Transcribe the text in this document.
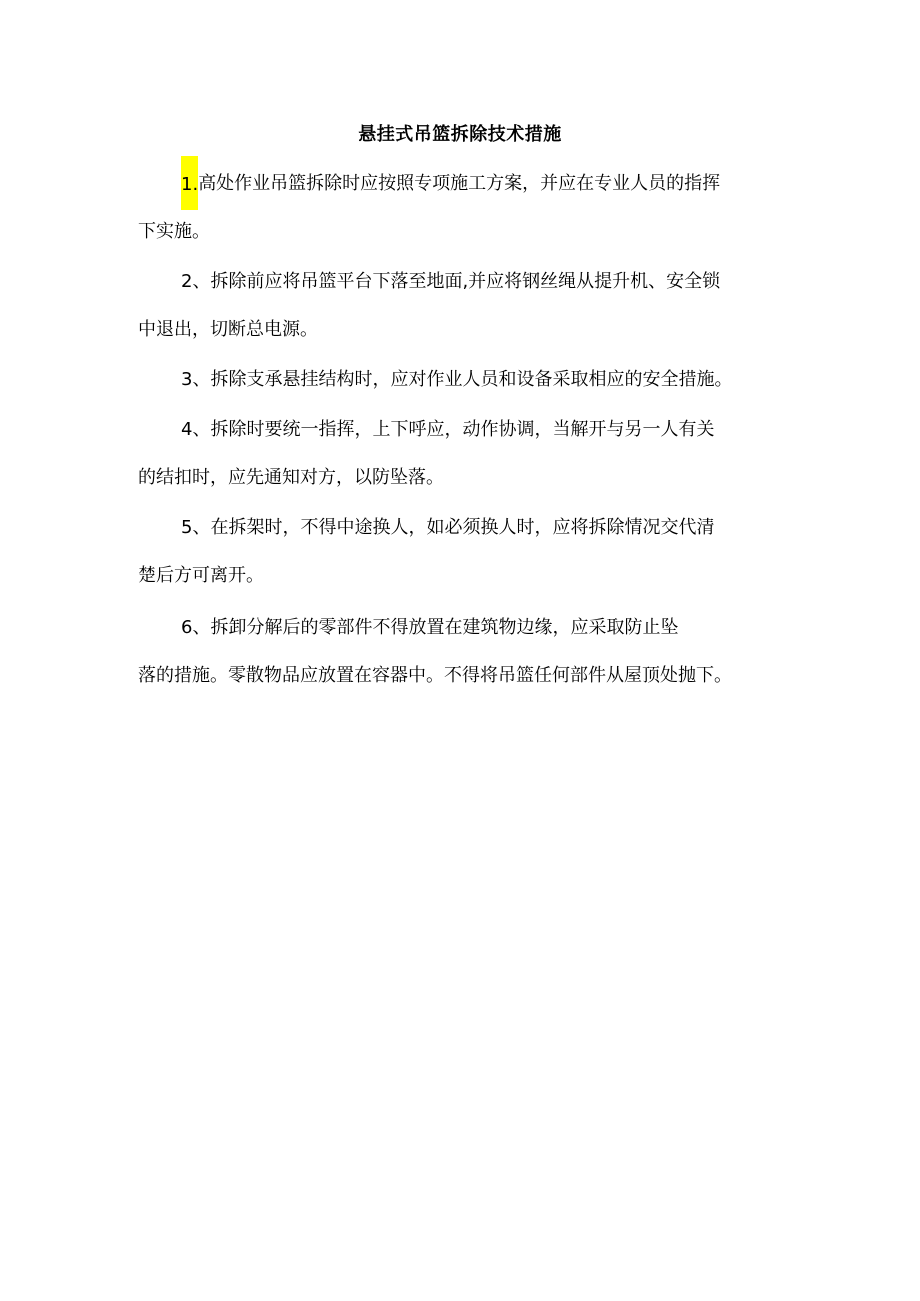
悬挂式吊篮拆除技术措施
1.高处作业吊篮拆除时应按照专项施工方案，并应在专业人员的指挥
下实施。
2、拆除前应将吊篮平台下落至地面,并应将钢丝绳从提升机、安全锁
中退出，切断总电源。
3、拆除支承悬挂结构时，应对作业人员和设备采取相应的安全措施。
4、拆除时要统一指挥，上下呼应，动作协调，当解开与另一人有关
的结扣时，应先通知对方，以防坠落。
5、在拆架时，不得中途换人，如必须换人时，应将拆除情况交代清
楚后方可离开。
6、拆卸分解后的零部件不得放置在建筑物边缘，应采取防止坠
落的措施。零散物品应放置在容器中。不得将吊篮任何部件从屋顶处抛下。
